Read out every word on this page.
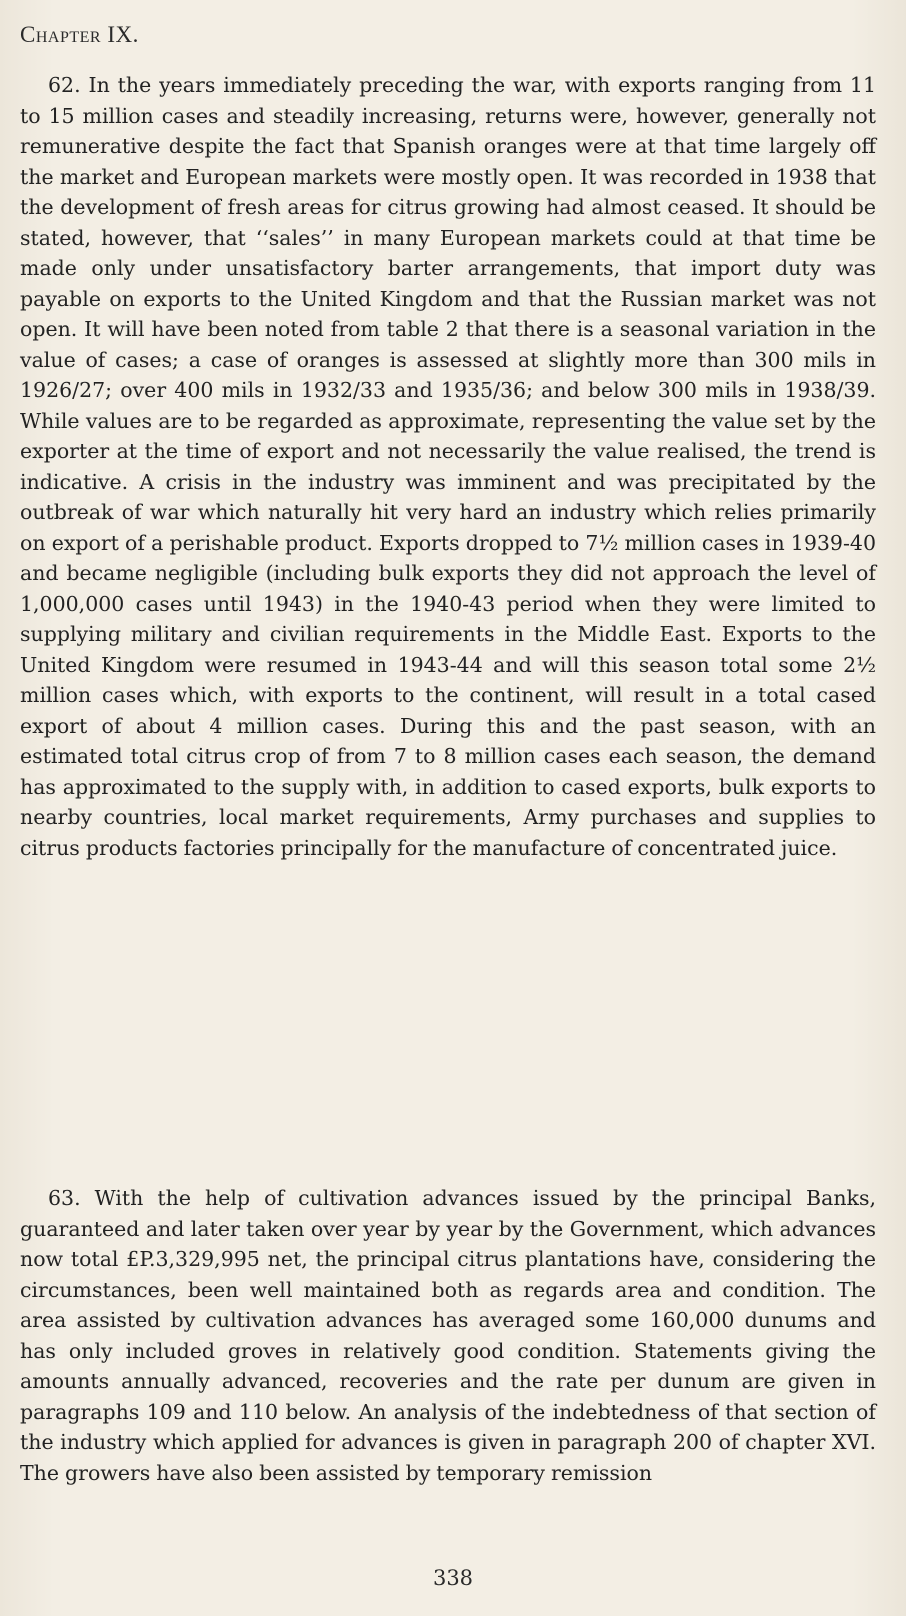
Chapter IX.

62. In the years immediately preceding the war, with exports ranging from 11 to 15 million cases and steadily increasing, returns were, however, generally not remunerative despite the fact that Spanish oranges were at that time largely off the market and European markets were mostly open. It was recorded in 1938 that the development of fresh areas for citrus growing had almost ceased. It should be stated, however, that ‘‘sales’’ in many European markets could at that time be made only under unsatisfactory barter arrangements, that import duty was payable on exports to the United Kingdom and that the Russian market was not open. It will have been noted from table 2 that there is a seasonal variation in the value of cases; a case of oranges is assessed at slightly more than 300 mils in 1926/27; over 400 mils in 1932/33 and 1935/36; and below 300 mils in 1938/39. While values are to be regarded as approximate, representing the value set by the exporter at the time of export and not necessarily the value realised, the trend is indicative. A crisis in the industry was imminent and was precipitated by the outbreak of war which naturally hit very hard an industry which relies primarily on export of a perishable product. Exports dropped to 7½ million cases in 1939-40 and became negligible (including bulk exports they did not approach the level of 1,000,000 cases until 1943) in the 1940-43 period when they were limited to supplying military and civilian requirements in the Middle East. Exports to the United Kingdom were resumed in 1943-44 and will this season total some 2½ million cases which, with exports to the continent, will result in a total cased export of about 4 million cases. During this and the past season, with an estimated total citrus crop of from 7 to 8 million cases each season, the demand has approximated to the supply with, in addition to cased exports, bulk exports to nearby countries, local market requirements, Army purchases and supplies to citrus products factories principally for the manufacture of concentrated juice.

63. With the help of cultivation advances issued by the principal Banks, guaranteed and later taken over year by year by the Government, which advances now total £P.3,329,995 net, the principal citrus plantations have, considering the circumstances, been well maintained both as regards area and condition. The area assisted by cultivation advances has averaged some 160,000 dunums and has only included groves in relatively good condition. Statements giving the amounts annually advanced, recoveries and the rate per dunum are given in paragraphs 109 and 110 below. An analysis of the indebtedness of that section of the industry which applied for advances is given in paragraph 200 of chapter XVI. The growers have also been assisted by temporary remission

338
